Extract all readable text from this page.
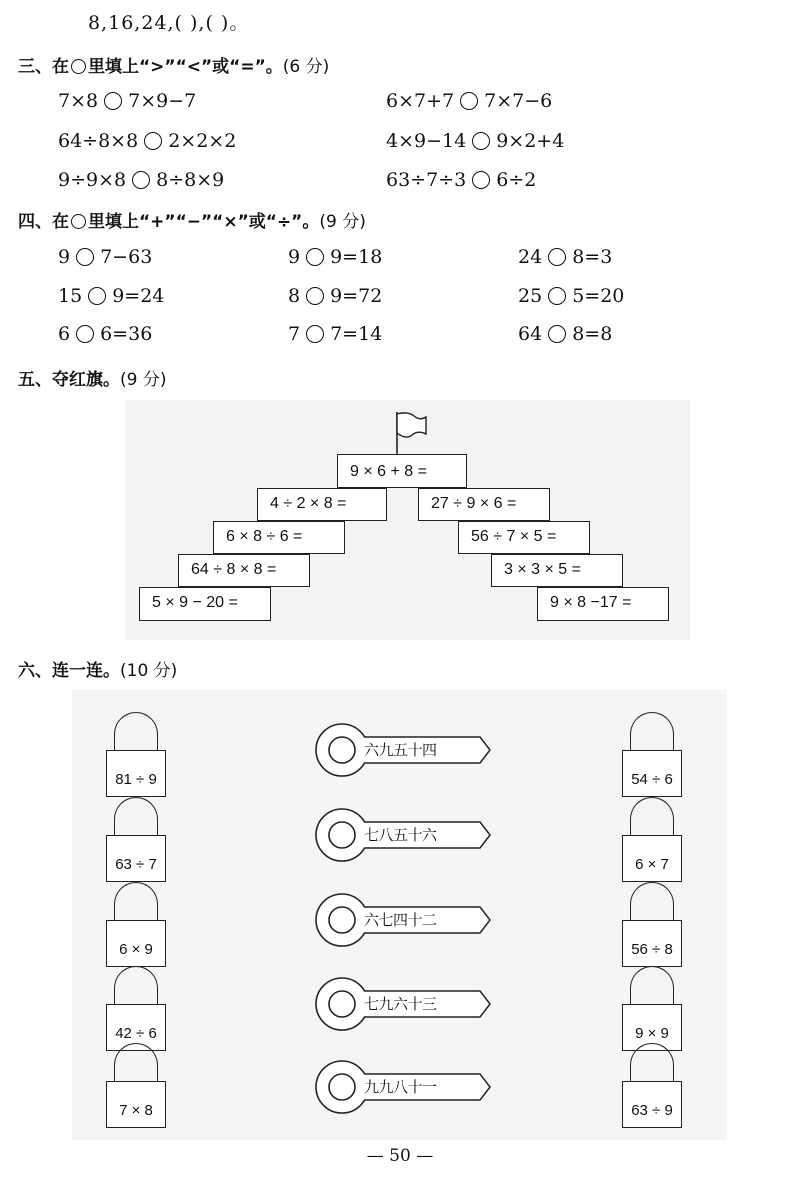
8,16,24,( ),( )。
三、在 里填上“>”“<”或“=”。(6 分)
7×8 7×9−7	6×7+7 7×7−6
64÷8×8 2×2×2	4×9−14 9×2+4
9÷9×8 8÷8×9	63÷7÷3 6÷2
四、在 里填上“+”“−”“×”或“÷”。(9 分)
9 7−63	9 9=18	24 8=3
15 9=24	8 9=72	25 5=20
6 6=36	7 7=14	64 8=8
五、夺红旗。(9 分)
9 × 6 + 8 =
4 ÷ 2 × 8 =
6 × 8 ÷ 6 =
64 ÷ 8 × 8 =
5 × 9 − 20 =
27 ÷ 9 × 6 =
56 ÷ 7 × 5 =
3 × 3 × 5 =
9 × 8 −17 =
六、连一连。(10 分)
81 ÷ 9
63 ÷ 7
6 × 9
42 ÷ 6
7 × 8
54 ÷ 6
6 × 7
56 ÷ 8
9 × 9
63 ÷ 9
六九五十四
七八五十六
六七四十二
七九六十三
九九八十一
— 50 —
